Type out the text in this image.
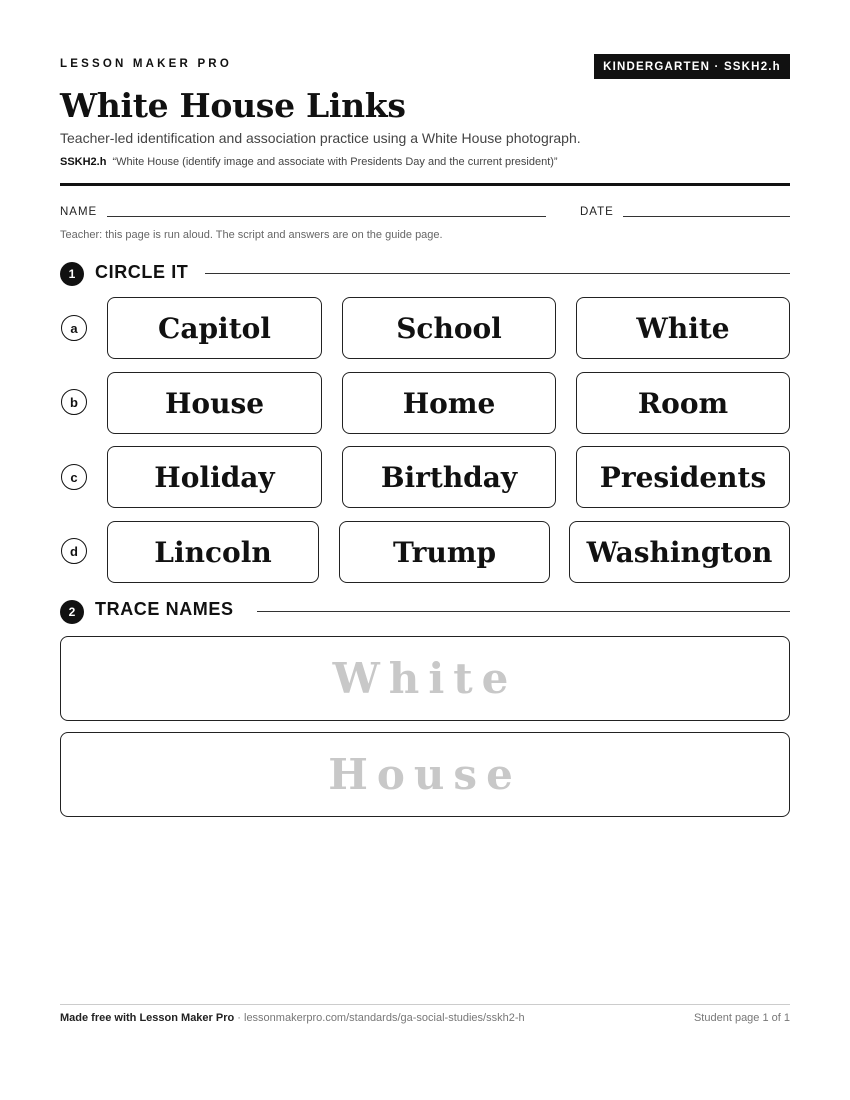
LESSON MAKER PRO	KINDERGARTEN · SSKH2.h
White House Links
Teacher-led identification and association practice using a White House photograph.
SSKH2.h “White House (identify image and associate with Presidents Day and the current president)”
NAME	DATE
Teacher: this page is run aloud. The script and answers are on the guide page.
1	CIRCLE IT
a	Capitol	School	White
b	House	Home	Room
c	Holiday	Birthday	Presidents
d	Lincoln	Trump	Washington
2	TRACE NAMES
White
House
Made free with Lesson Maker Pro · lessonmakerpro.com/standards/ga-social-studies/sskh2-h	Student page 1 of 1
